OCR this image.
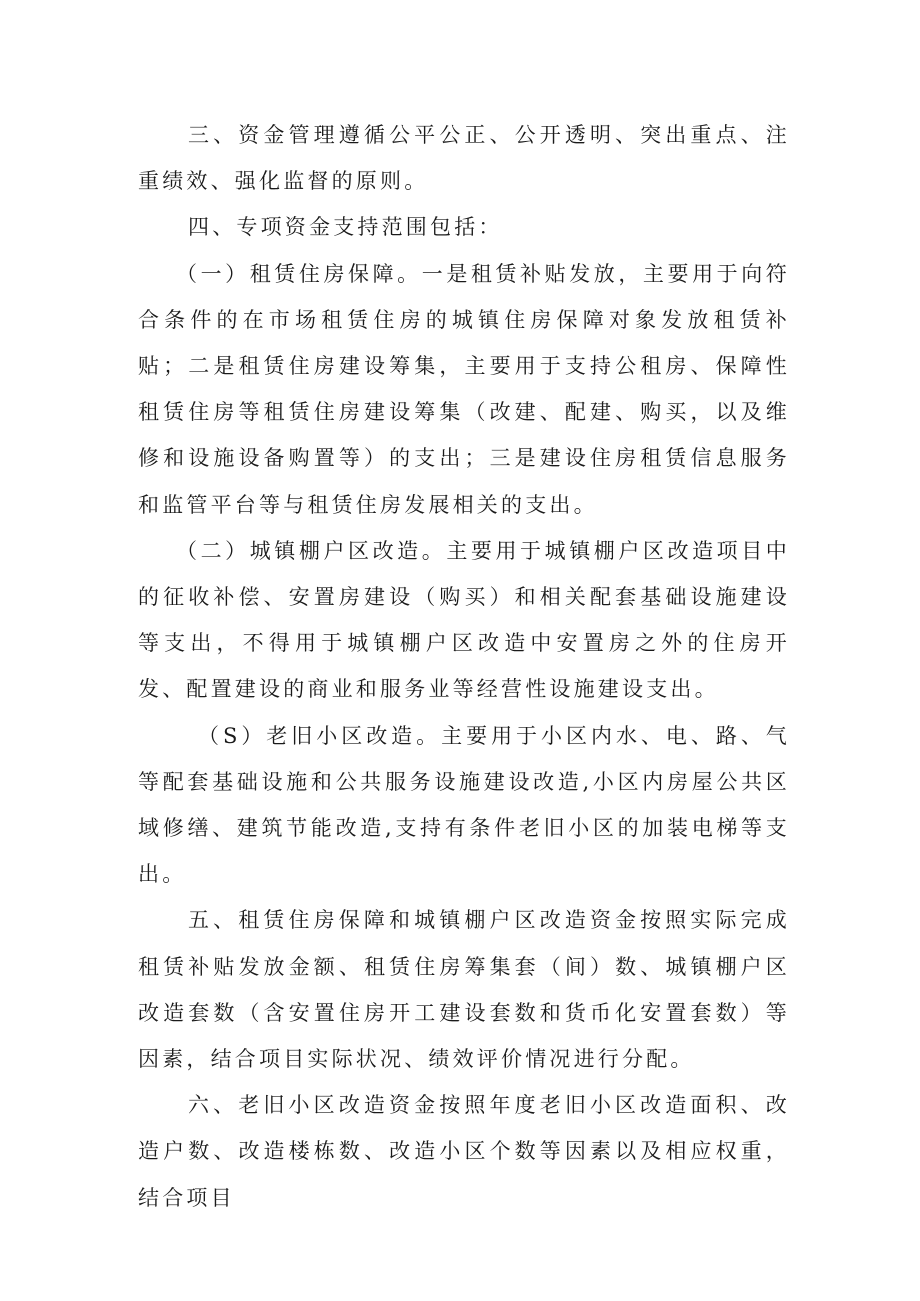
三、资金管理遵循公平公正、公开透明、突出重点、注重绩效、强化监督的原则。

四、专项资金支持范围包括：

（一）租赁住房保障。一是租赁补贴发放，主要用于向符合条件的在市场租赁住房的城镇住房保障对象发放租赁补贴；二是租赁住房建设筹集，主要用于支持公租房、保障性租赁住房等租赁住房建设筹集（改建、配建、购买，以及维修和设施设备购置等）的支出；三是建设住房租赁信息服务和监管平台等与租赁住房发展相关的支出。

（二）城镇棚户区改造。主要用于城镇棚户区改造项目中的征收补偿、安置房建设（购买）和相关配套基础设施建设等支出，不得用于城镇棚户区改造中安置房之外的住房开发、配置建设的商业和服务业等经营性设施建设支出。

（S）老旧小区改造。主要用于小区内水、电、路、气等配套基础设施和公共服务设施建设改造,小区内房屋公共区域修缮、建筑节能改造,支持有条件老旧小区的加装电梯等支出。

五、租赁住房保障和城镇棚户区改造资金按照实际完成租赁补贴发放金额、租赁住房筹集套（间）数、城镇棚户区改造套数（含安置住房开工建设套数和货币化安置套数）等因素，结合项目实际状况、绩效评价情况进行分配。

六、老旧小区改造资金按照年度老旧小区改造面积、改造户数、改造楼栋数、改造小区个数等因素以及相应权重，结合项目
